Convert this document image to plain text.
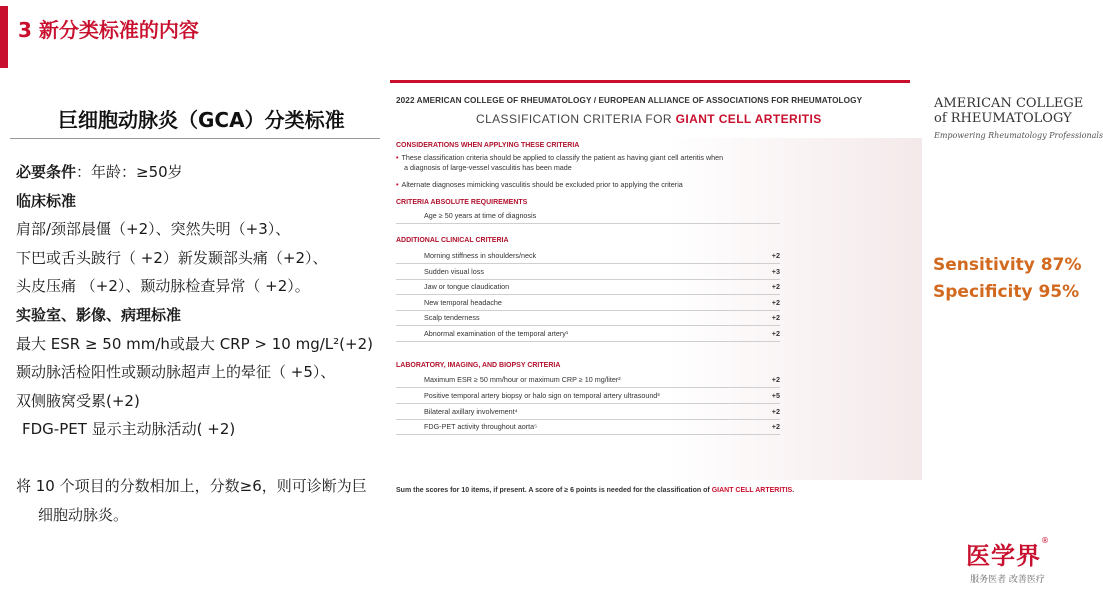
3 新分类标准的内容
巨细胞动脉炎（GCA）分类标准
必要条件：年龄：≥50岁
临床标准
肩部/颈部晨僵（+2）、突然失明（+3）、
下巴或舌头跛行（ +2）新发颞部头痛（+2）、
头皮压痛 （+2）、颞动脉检查异常（ +2）。
实验室、影像、病理标准
最大 ESR ≥ 50 mm/h或最大 CRP > 10 mg/L²(+2)
颞动脉活检阳性或颞动脉超声上的晕征（ +5）、
双侧腋窝受累(+2)
FDG-PET 显示主动脉活动( +2)
将 10 个项目的分数相加上，分数≥6，则可诊断为巨
细胞动脉炎。
2022 AMERICAN COLLEGE OF RHEUMATOLOGY / EUROPEAN ALLIANCE OF ASSOCIATIONS FOR RHEUMATOLOGY
CLASSIFICATION CRITERIA FOR GIANT CELL ARTERITIS
CONSIDERATIONS WHEN APPLYING THESE CRITERIA
• These classification criteria should be applied to classify the patient as having giant cell arteritis when
a diagnosis of large-vessel vasculitis has been made
• Alternate diagnoses mimicking vasculitis should be excluded prior to applying the criteria
CRITERIA ABSOLUTE REQUIREMENTS
Age ≥ 50 years at time of diagnosis
ADDITIONAL CLINICAL CRITERIA
Morning stiffness in shoulders/neck	+2
Sudden visual loss	+3
Jaw or tongue claudication	+2
New temporal headache	+2
Scalp tenderness	+2
Abnormal examination of the temporal artery¹	+2
LABORATORY, IMAGING, AND BIOPSY CRITERIA
Maximum ESR ≥ 50 mm/hour or maximum CRP ≥ 10 mg/liter²	+2
Positive temporal artery biopsy or halo sign on temporal artery ultrasound³	+5
Bilateral axillary involvement⁴	+2
FDG-PET activity throughout aorta⁵	+2
Sum the scores for 10 items, if present. A score of ≥ 6 points is needed for the classification of GIANT CELL ARTERITIS.
AMERICAN COLLEGE
of RHEUMATOLOGY
Empowering Rheumatology Professionals
Sensitivity 87%
Specificity 95%
医学界®
服务医者 改善医疗
